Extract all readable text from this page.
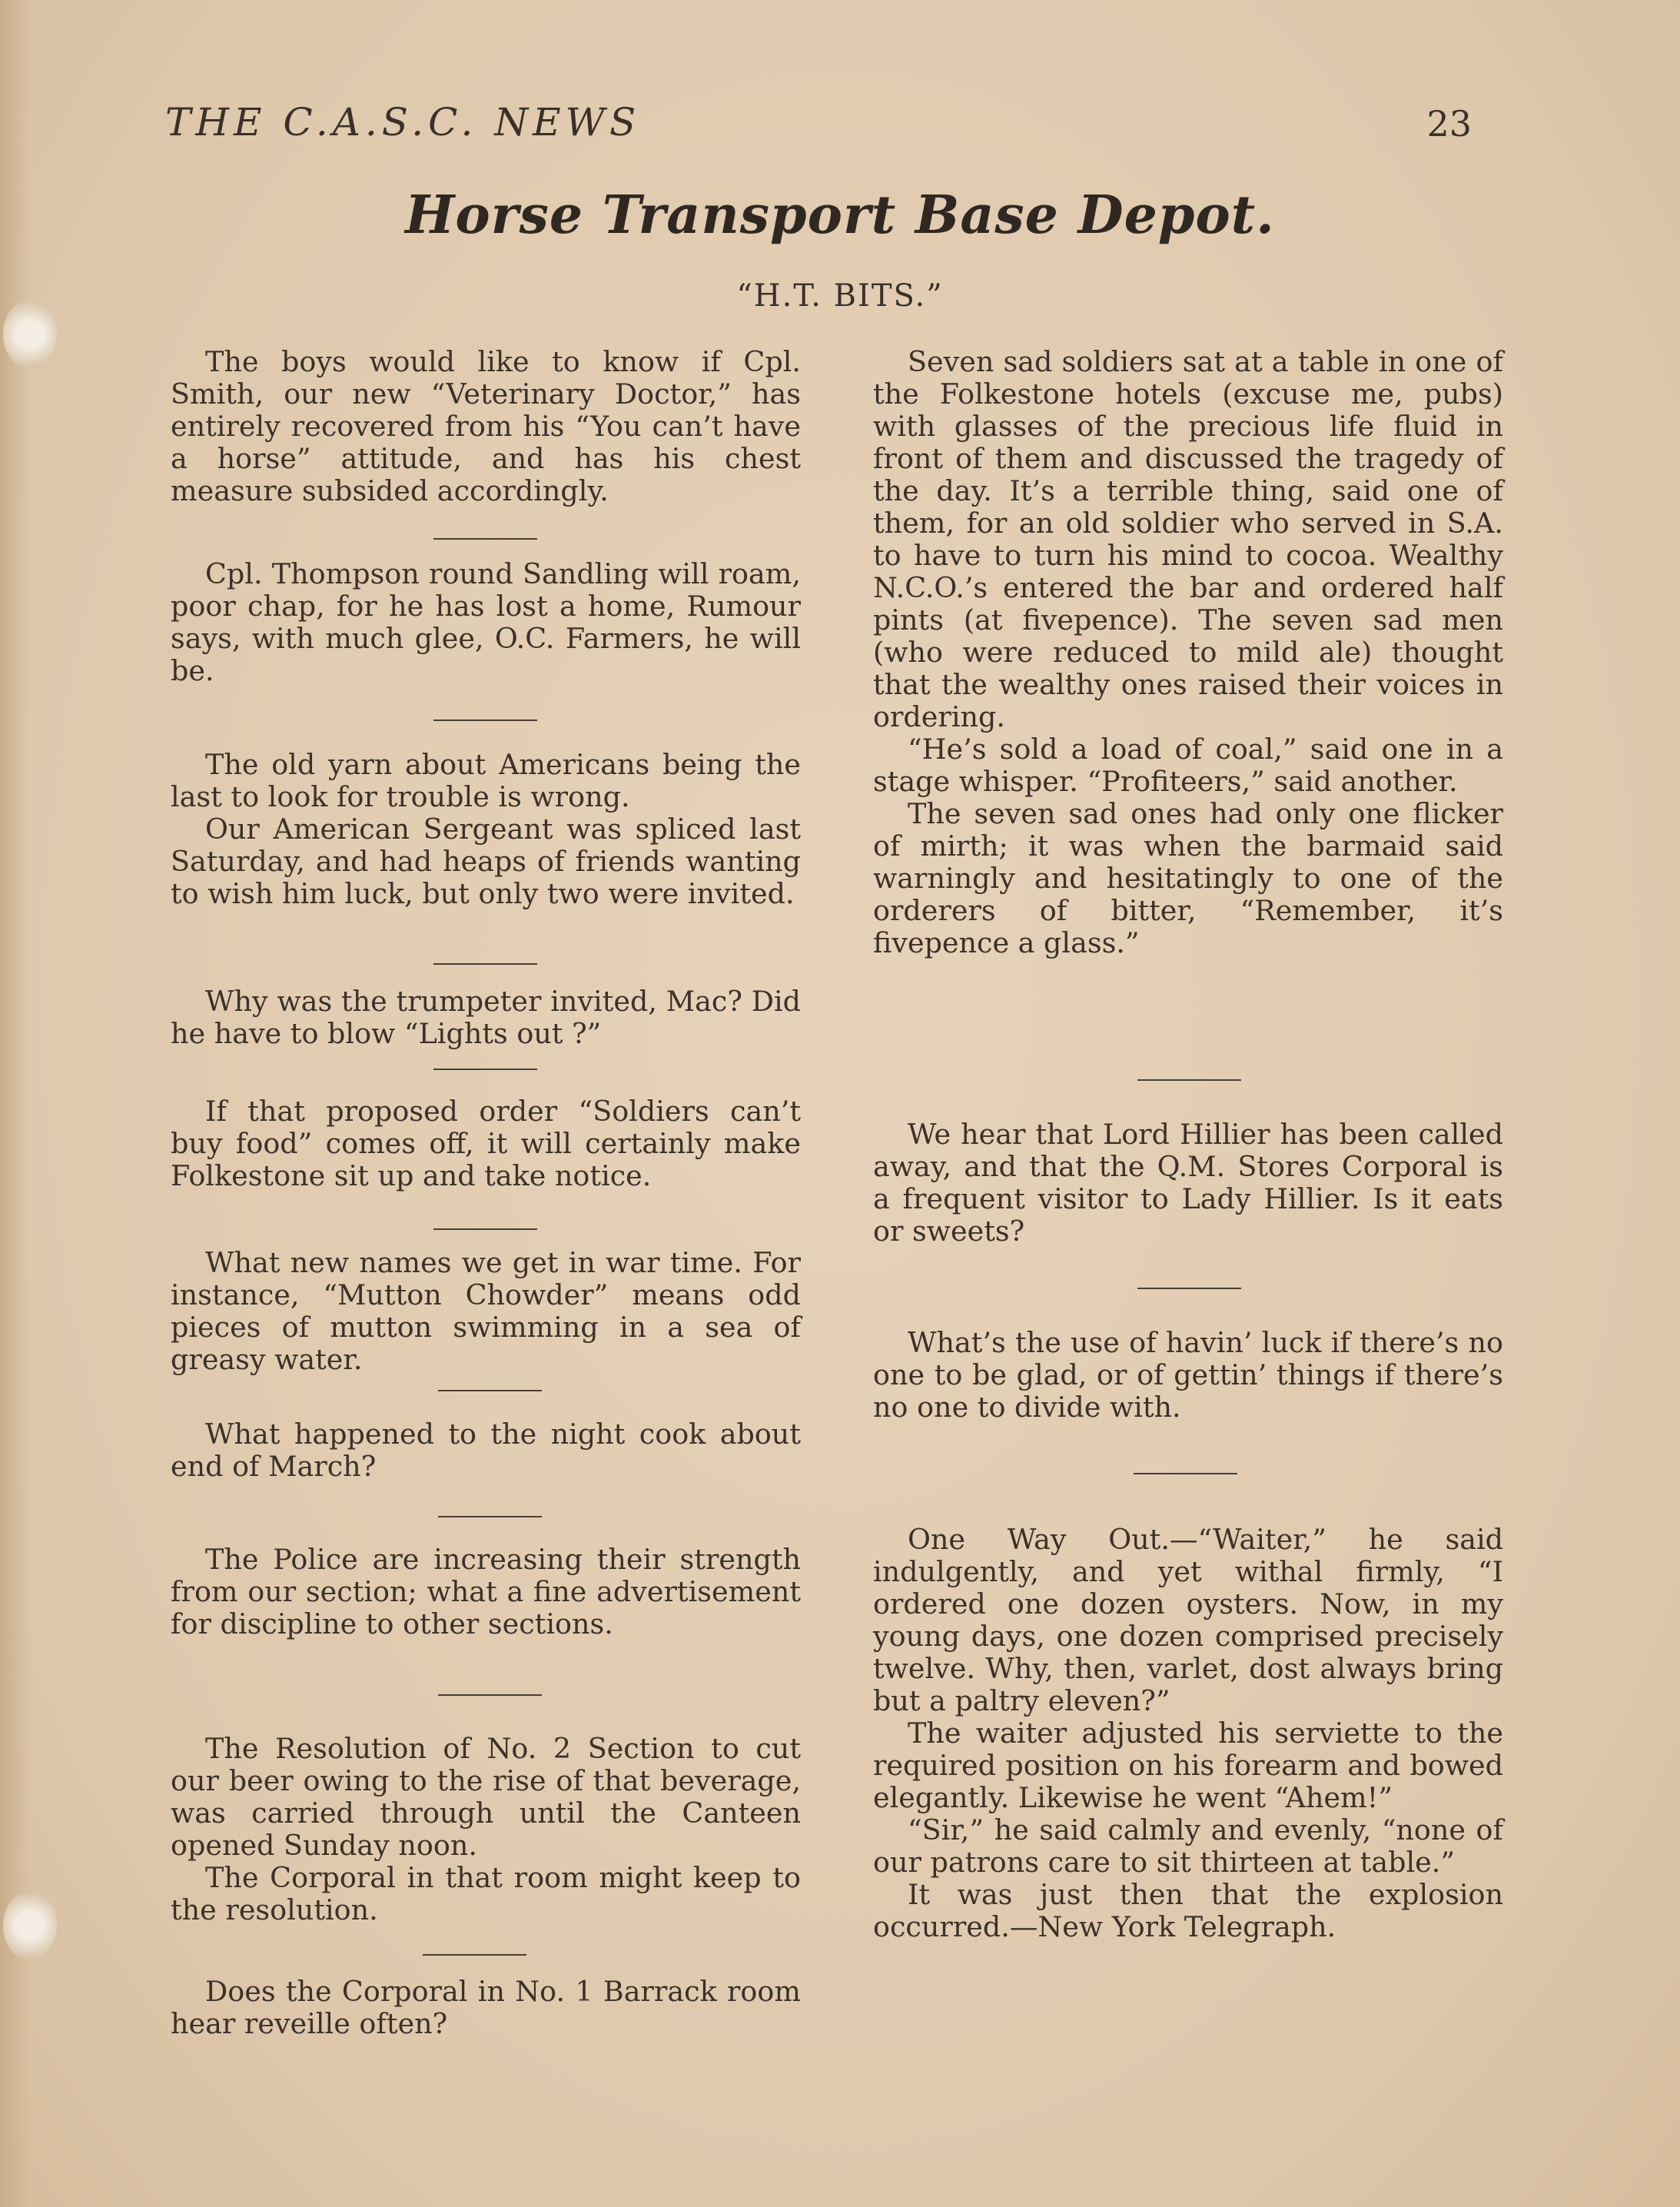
THE C.A.S.C. NEWS	23
Horse Transport Base Depot.
“H.T. BITS.”

The boys would like to know if Cpl. Smith, our new “Veterinary Doctor,” has entirely recovered from his “You can’t have a horse” attitude, and has his chest measure subsided accordingly.

Cpl. Thompson round Sandling will roam, poor chap, for he has lost a home, Rumour says, with much glee, O.C. Farmers, he will be.

The old yarn about Americans being the last to look for trouble is wrong.

Our American Sergeant was spliced last Saturday, and had heaps of friends wanting to wish him luck, but only two were invited.

Why was the trumpeter invited, Mac? Did he have to blow “Lights out ?”

If that proposed order “Soldiers can’t buy food” comes off, it will certainly make Folkestone sit up and take notice.

What new names we get in war time. For instance, “Mutton Chowder” means odd pieces of mutton swimming in a sea of greasy water.

What happened to the night cook about end of March?

The Police are increasing their strength from our section; what a fine advertisement for discipline to other sections.

The Resolution of No. 2 Section to cut our beer owing to the rise of that beverage, was carried through until the Canteen opened Sunday noon.

The Corporal in that room might keep to the resolution.

Does the Corporal in No. 1 Barrack room hear reveille often?

Seven sad soldiers sat at a table in one of the Folkestone hotels (excuse me, pubs) with glasses of the precious life fluid in front of them and discussed the tragedy of the day. It’s a terrible thing, said one of them, for an old soldier who served in S.A. to have to turn his mind to cocoa. Wealthy N.C.O.’s entered the bar and ordered half pints (at fivepence). The seven sad men (who were reduced to mild ale) thought that the wealthy ones raised their voices in ordering.

“He’s sold a load of coal,” said one in a stage whisper. “Profiteers,” said another.

The seven sad ones had only one flicker of mirth; it was when the barmaid said warningly and hesitatingly to one of the orderers of bitter, “Remember, it’s fivepence a glass.”

We hear that Lord Hillier has been called away, and that the Q.M. Stores Corporal is a frequent visitor to Lady Hillier. Is it eats or sweets?

What’s the use of havin’ luck if there’s no one to be glad, or of gettin’ things if there’s no one to divide with.

One Way Out.—“Waiter,” he said indulgently, and yet withal firmly, “I ordered one dozen oysters. Now, in my young days, one dozen comprised precisely twelve. Why, then, varlet, dost always bring but a paltry eleven?”

The waiter adjusted his serviette to the required position on his forearm and bowed elegantly. Likewise he went “Ahem!”

“Sir,” he said calmly and evenly, “none of our patrons care to sit thirteen at table.”

It was just then that the explosion occurred.—New York Telegraph.
